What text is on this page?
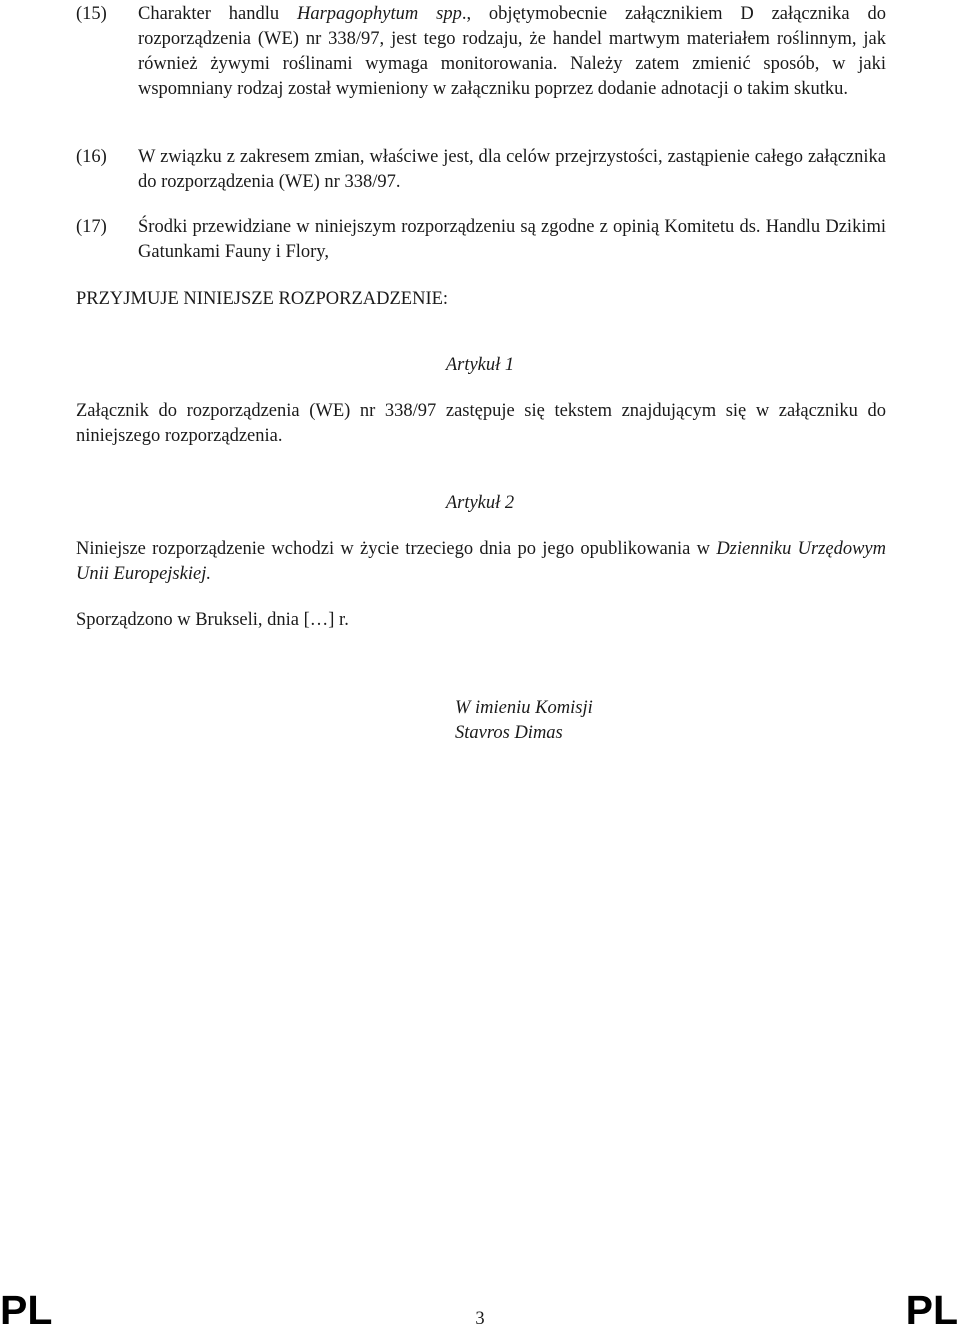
(15) Charakter handlu Harpagophytum spp., objętymobecnie załącznikiem D załącznika do rozporządzenia (WE) nr 338/97, jest tego rodzaju, że handel martwym materiałem roślinnym, jak również żywymi roślinami wymaga monitorowania. Należy zatem zmienić sposób, w jaki wspomniany rodzaj został wymieniony w załączniku poprzez dodanie adnotacji o takim skutku.
(16) W związku z zakresem zmian, właściwe jest, dla celów przejrzystości, zastąpienie całego załącznika do rozporządzenia (WE) nr 338/97.
(17) Środki przewidziane w niniejszym rozporządzeniu są zgodne z opinią Komitetu ds. Handlu Dzikimi Gatunkami Fauny i Flory,
PRZYJMUJE NINIEJSZE ROZPORZADZENIE:
Artykuł 1
Załącznik do rozporządzenia (WE) nr 338/97 zastępuje się tekstem znajdującym się w załączniku do niniejszego rozporządzenia.
Artykuł 2
Niniejsze rozporządzenie wchodzi w życie trzeciego dnia po jego opublikowania w Dzienniku Urzędowym Unii Europejskiej.
Sporządzono w Brukseli, dnia […] r.
W imieniu Komisji
Stavros Dimas
PL	3	PL
